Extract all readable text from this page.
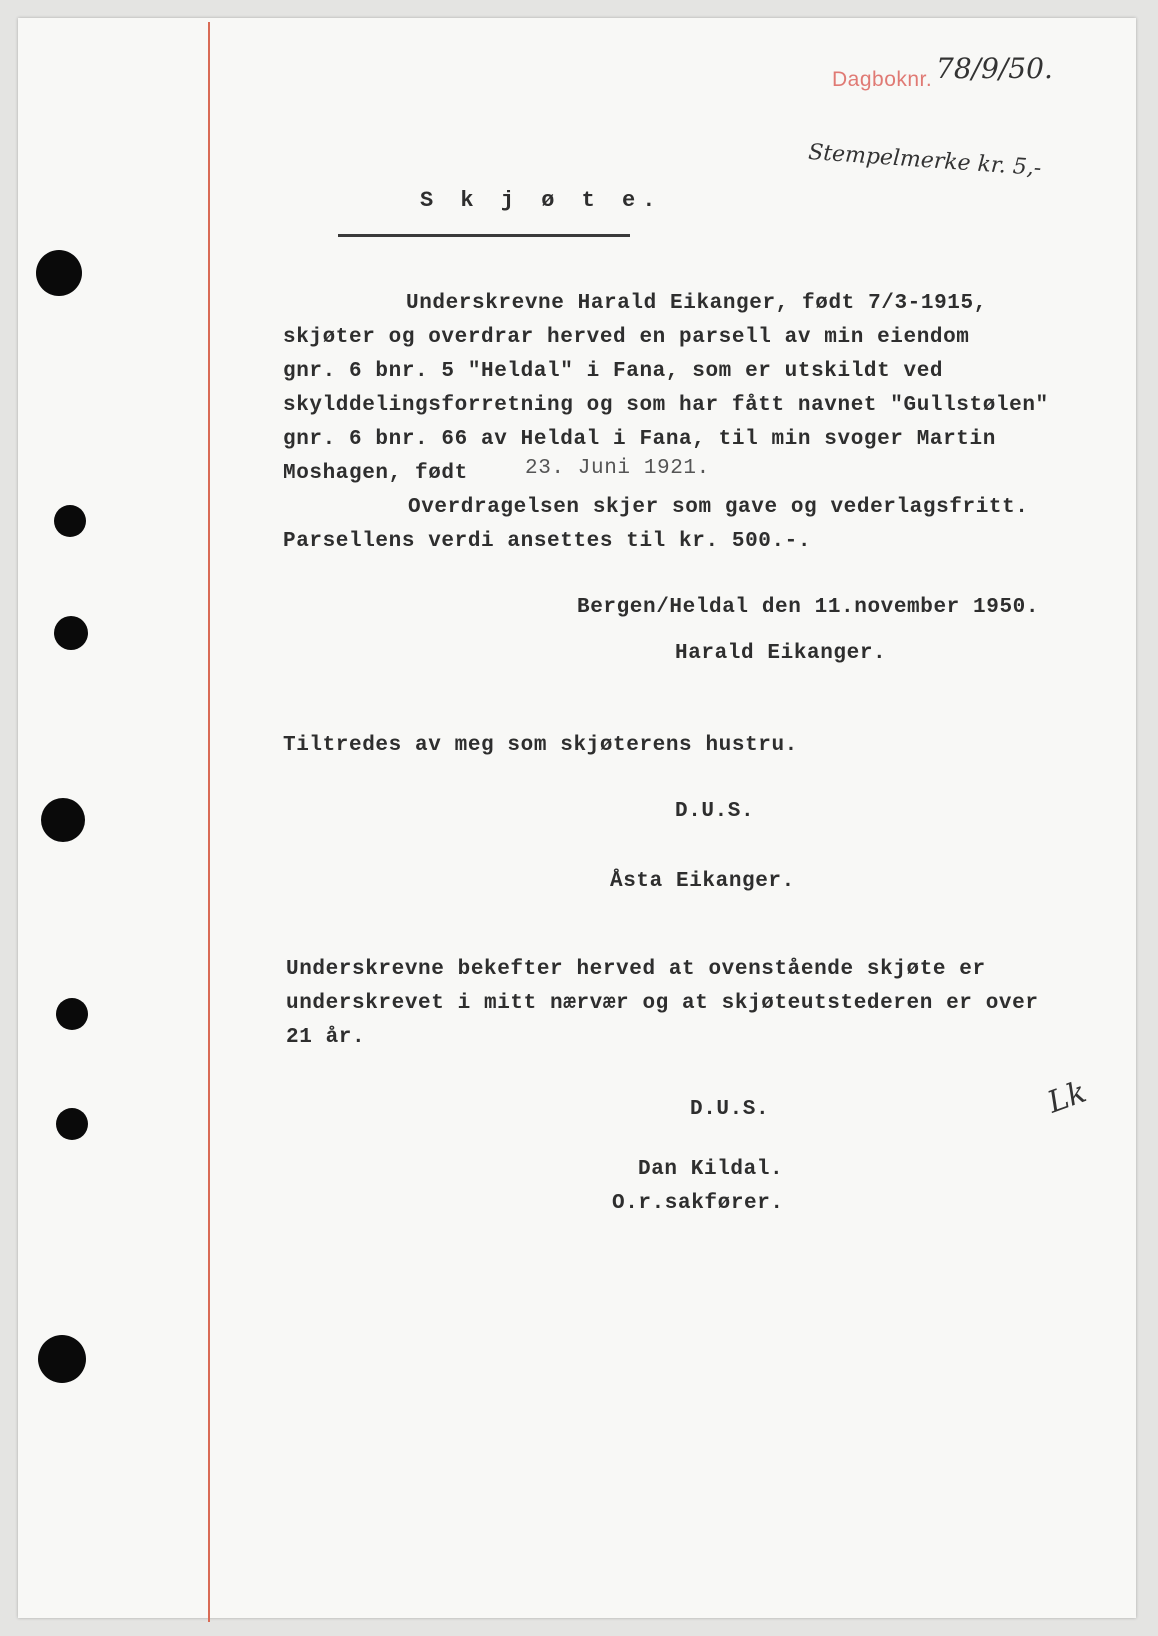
Dagboknr. 78/9/50.
Stempelmerke kr. 5,-
S k j ø t e.
Underskrevne Harald Eikanger, født 7/3-1915,
skjøter og overdrar herved en parsell av min eiendom
gnr. 6 bnr. 5 "Heldal" i Fana, som er utskildt ved
skylddelingsforretning og som har fått navnet "Gullstølen"
gnr. 6 bnr. 66 av Heldal i Fana, til min svoger Martin
Moshagen, født	23. Juni 1921.
Overdragelsen skjer som gave og vederlagsfritt.
Parsellens verdi ansettes til kr. 500.-.
Bergen/Heldal den 11.november 1950.
Harald Eikanger.
Tiltredes av meg som skjøterens hustru.
D.U.S.
Åsta Eikanger.
Underskrevne bekefter herved at ovenstående skjøte er
underskrevet i mitt nærvær og at skjøteutstederen er over
21 år.
D.U.S.	Lk
Dan Kildal.
O.r.sakfører.
